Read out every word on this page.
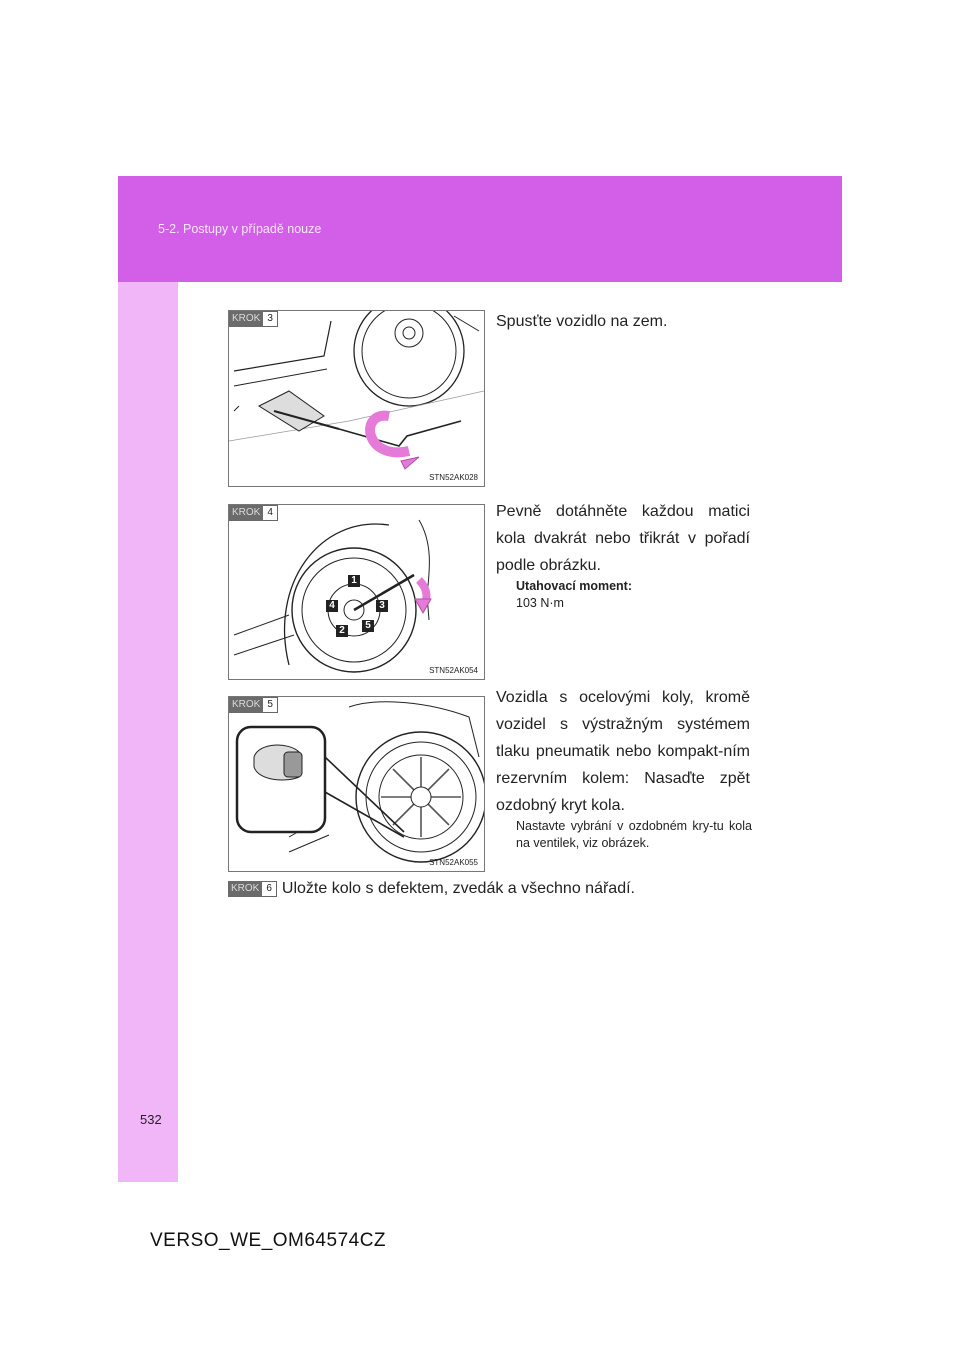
5-2. Postupy v případě nouze
532
KROK 3
STN52AK028
Spusťte vozidlo na zem.
1
4	3
2	5
KROK 4
STN52AK054
Pevně dotáhněte každou matici kola dvakrát nebo třikrát v pořadí podle obrázku.
Utahovací moment:
103 N·m
KROK 5
STN52AK055
Vozidla s ocelovými koly, kromě vozidel s výstražným systémem tlaku pneumatik nebo kompakt-ním rezervním kolem: Nasaďte zpět ozdobný kryt kola.
Nastavte vybrání v ozdobném kry-tu kola na ventilek, viz obrázek.
KROK 6 Uložte kolo s defektem, zvedák a všechno nářadí.
VERSO_WE_OM64574CZ
